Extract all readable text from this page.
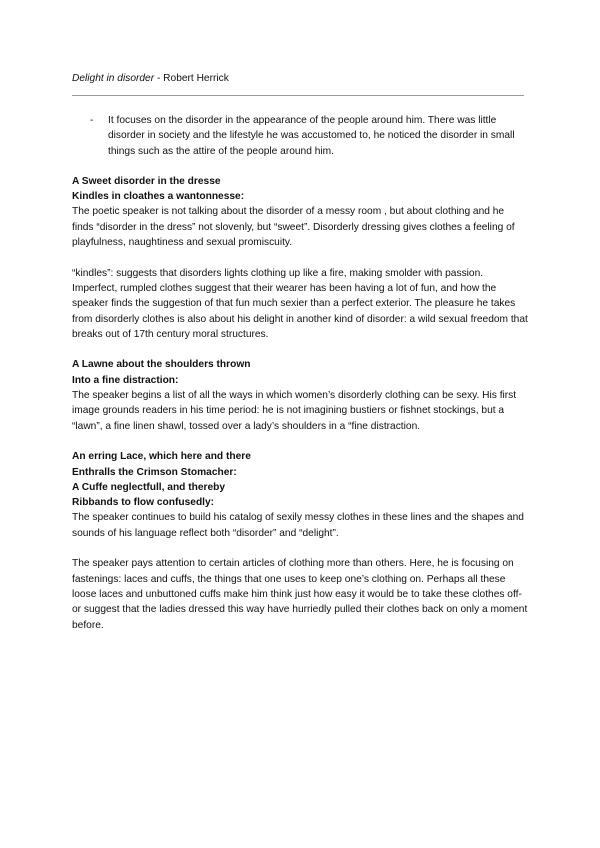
Delight in disorder - Robert Herrick
- It focuses on the disorder in the appearance of the people around him. There was little disorder in society and the lifestyle he was accustomed to, he noticed the disorder in small things such as the attire of the people around him.
A Sweet disorder in the dresse
Kindles in cloathes a wantonnesse:

The poetic speaker is not talking about the disorder of a messy room , but about clothing and he finds “disorder in the dress” not slovenly, but “sweet”. Disorderly dressing gives clothes a feeling of playfulness, naughtiness and sexual promiscuity.

“kindles”: suggests that disorders lights clothing up like a fire, making smolder with passion. Imperfect, rumpled clothes suggest that their wearer has been having a lot of fun, and how the speaker finds the suggestion of that fun much sexier than a perfect exterior. The pleasure he takes from disorderly clothes is also about his delight in another kind of disorder: a wild sexual freedom that breaks out of 17th century moral structures.

A Lawne about the shoulders thrown
Into a fine distraction:

The speaker begins a list of all the ways in which women’s disorderly clothing can be sexy. His first image grounds readers in his time period: he is not imagining bustiers or fishnet stockings, but a “lawn”, a fine linen shawl, tossed over a lady’s shoulders in a “fine distraction.

An erring Lace, which here and there
Enthralls the Crimson Stomacher:
A Cuffe neglectfull, and thereby
Ribbands to flow confusedly:

The speaker continues to build his catalog of sexily messy clothes in these lines and the shapes and sounds of his language reflect both “disorder” and “delight”.

The speaker pays attention to certain articles of clothing more than others. Here, he is focusing on fastenings: laces and cuffs, the things that one uses to keep one’s clothing on. Perhaps all these loose laces and unbuttoned cuffs make him think just how easy it would be to take these clothes off- or suggest that the ladies dressed this way have hurriedly pulled their clothes back on only a moment before.
